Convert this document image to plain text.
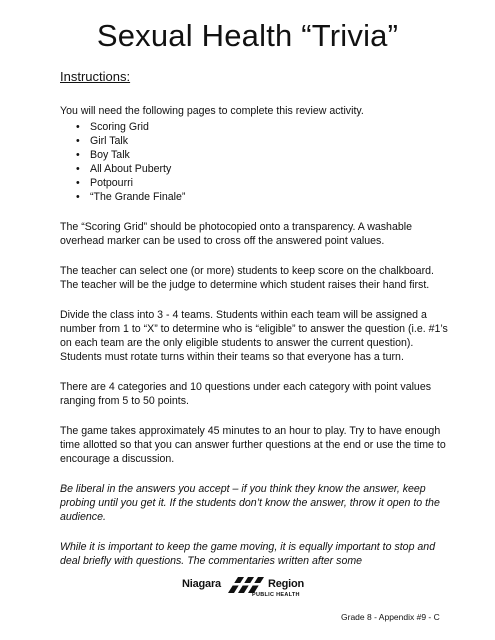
Sexual Health “Trivia”
Instructions:

You will need the following pages to complete this review activity.

• Scoring Grid
• Girl Talk
• Boy Talk
• All About Puberty
• Potpourri
• “The Grande Finale”

The “Scoring Grid” should be photocopied onto a transparency. A washable overhead marker can be used to cross off the answered point values.

The teacher can select one (or more) students to keep score on the chalkboard. The teacher will be the judge to determine which student raises their hand first.

Divide the class into 3 - 4 teams. Students within each team will be assigned a number from 1 to “X” to determine who is “eligible” to answer the question (i.e. #1’s on each team are the only eligible students to answer the current question). Students must rotate turns within their teams so that everyone has a turn.

There are 4 categories and 10 questions under each category with point values ranging from 5 to 50 points.

The game takes approximately 45 minutes to an hour to play. Try to have enough time allotted so that you can answer further questions at the end or use the time to encourage a discussion.

Be liberal in the answers you accept – if you think they know the answer, keep probing until you get it. If the students don’t know the answer, throw it open to the audience.

While it is important to keep the game moving, it is equally important to stop and deal briefly with questions. The commentaries written after some

Niagara	Region
PUBLIC HEALTH
Grade 8 - Appendix #9 - C
